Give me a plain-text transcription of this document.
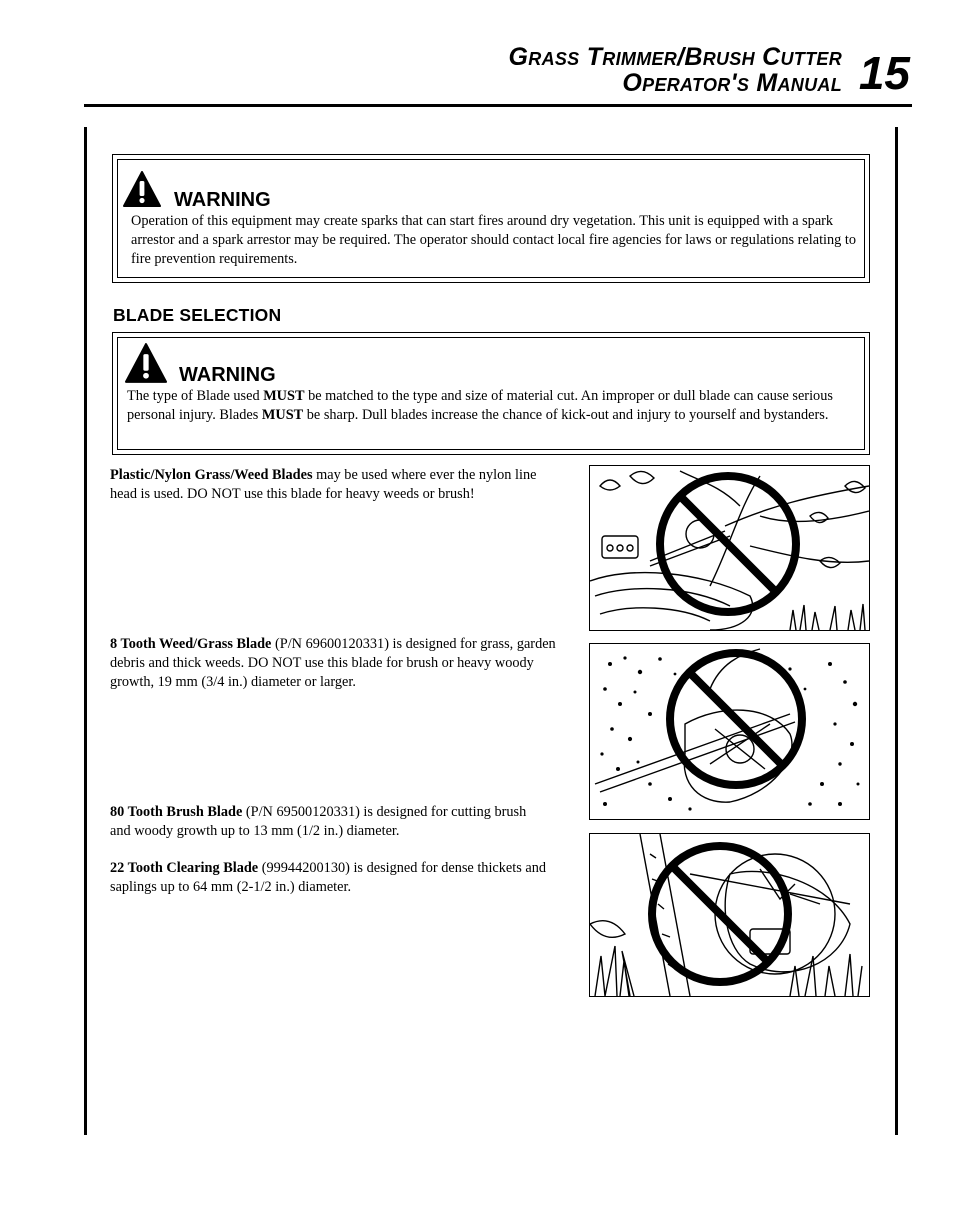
Grass Trimmer/Brush Cutter
Operator's Manual 15
WARNING
Operation of this equipment may create sparks that can start fires around dry vegetation. This unit is equipped with a spark arrestor and a spark arrestor may be required. The operator should contact local fire agencies for laws or regulations relating to fire prevention requirements.
BLADE SELECTION
WARNING
The type of Blade used MUST be matched to the type and size of material cut. An improper or dull blade can cause serious personal injury. Blades MUST be sharp. Dull blades increase the chance of kick-out and injury to yourself and bystanders.
Plastic/Nylon Grass/Weed Blades may be used where ever the nylon line head is used. DO NOT use this blade for heavy weeds or brush!
8 Tooth Weed/Grass Blade (P/N 69600120331) is designed for grass, garden debris and thick weeds. DO NOT use this blade for brush or heavy woody growth, 19 mm (3/4 in.) diameter or larger.
80 Tooth Brush Blade (P/N 69500120331) is designed for cutting brush and woody growth up to 13 mm (1/2 in.) diameter.
22 Tooth Clearing Blade (99944200130) is designed for dense thickets and saplings up to 64 mm (2-1/2 in.) diameter.
